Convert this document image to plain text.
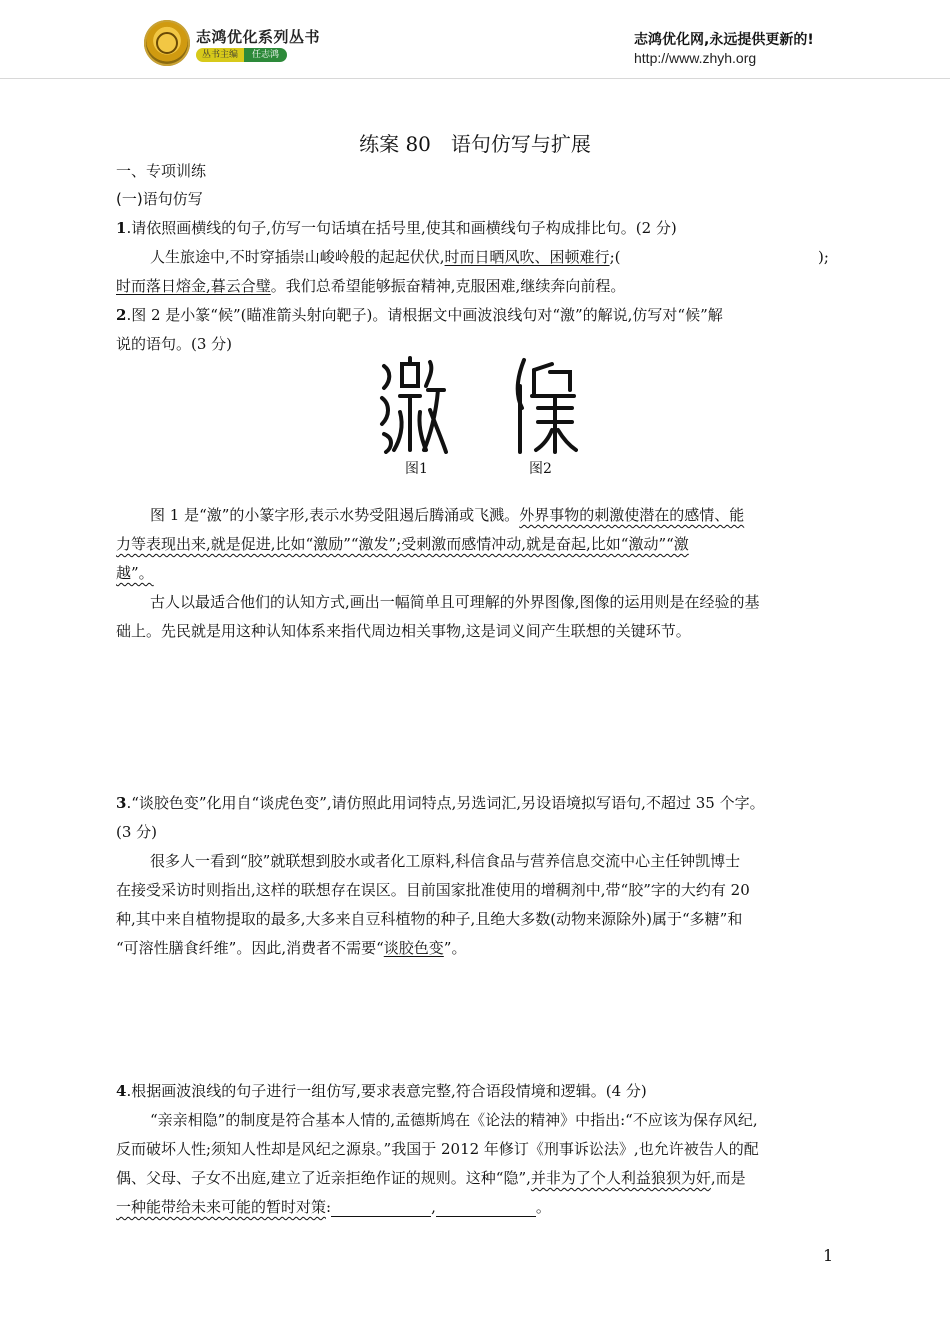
志鸿优化系列丛书
丛书主编	任志鸿
志鸿优化网,永远提供更新的!
http://www.zhyh.org
练案 80　语句仿写与扩展
一、专项训练
(一)语句仿写
1.请依照画横线的句子,仿写一句话填在括号里,使其和画横线句子构成排比句。(2 分)
人生旅途中,不时穿插崇山峻岭般的起起伏伏,时而日晒风吹、困顿难行;(	);
时而落日熔金,暮云合璧。我们总希望能够振奋精神,克服困难,继续奔向前程。
2.图 2 是小篆“候”(瞄准箭头射向靶子)。请根据文中画波浪线句对“激”的解说,仿写对“候”解
说的语句。(3 分)
图1	图2
图 1 是“激”的小篆字形,表示水势受阻遏后腾涌或飞溅。外界事物的刺激使潜在的感情、能
力等表现出来,就是促进,比如“激励”“激发”;受刺激而感情冲动,就是奋起,比如“激动”“激
越”。
古人以最适合他们的认知方式,画出一幅简单且可理解的外界图像,图像的运用则是在经验的基
础上。先民就是用这种认知体系来指代周边相关事物,这是词义间产生联想的关键环节。
3.“谈胶色变”化用自“谈虎色变”,请仿照此用词特点,另选词汇,另设语境拟写语句,不超过 35 个字。
(3 分)
很多人一看到“胶”就联想到胶水或者化工原料,科信食品与营养信息交流中心主任钟凯博士
在接受采访时则指出,这样的联想存在误区。目前国家批准使用的增稠剂中,带“胶”字的大约有 20
种,其中来自植物提取的最多,大多来自豆科植物的种子,且绝大多数(动物来源除外)属于“多糖”和
“可溶性膳食纤维”。因此,消费者不需要“谈胶色变”。
4.根据画波浪线的句子进行一组仿写,要求表意完整,符合语段情境和逻辑。(4 分)
“亲亲相隐”的制度是符合基本人情的,孟德斯鸠在《论法的精神》中指出:“不应该为保存风纪,
反而破坏人性;须知人性却是风纪之源泉。”我国于 2012 年修订《刑事诉讼法》,也允许被告人的配
偶、父母、子女不出庭,建立了近亲拒绝作证的规则。这种“隐”,并非为了个人利益狼狈为奸,而是
一种能带给未来可能的暂时对策:	,	。
1
